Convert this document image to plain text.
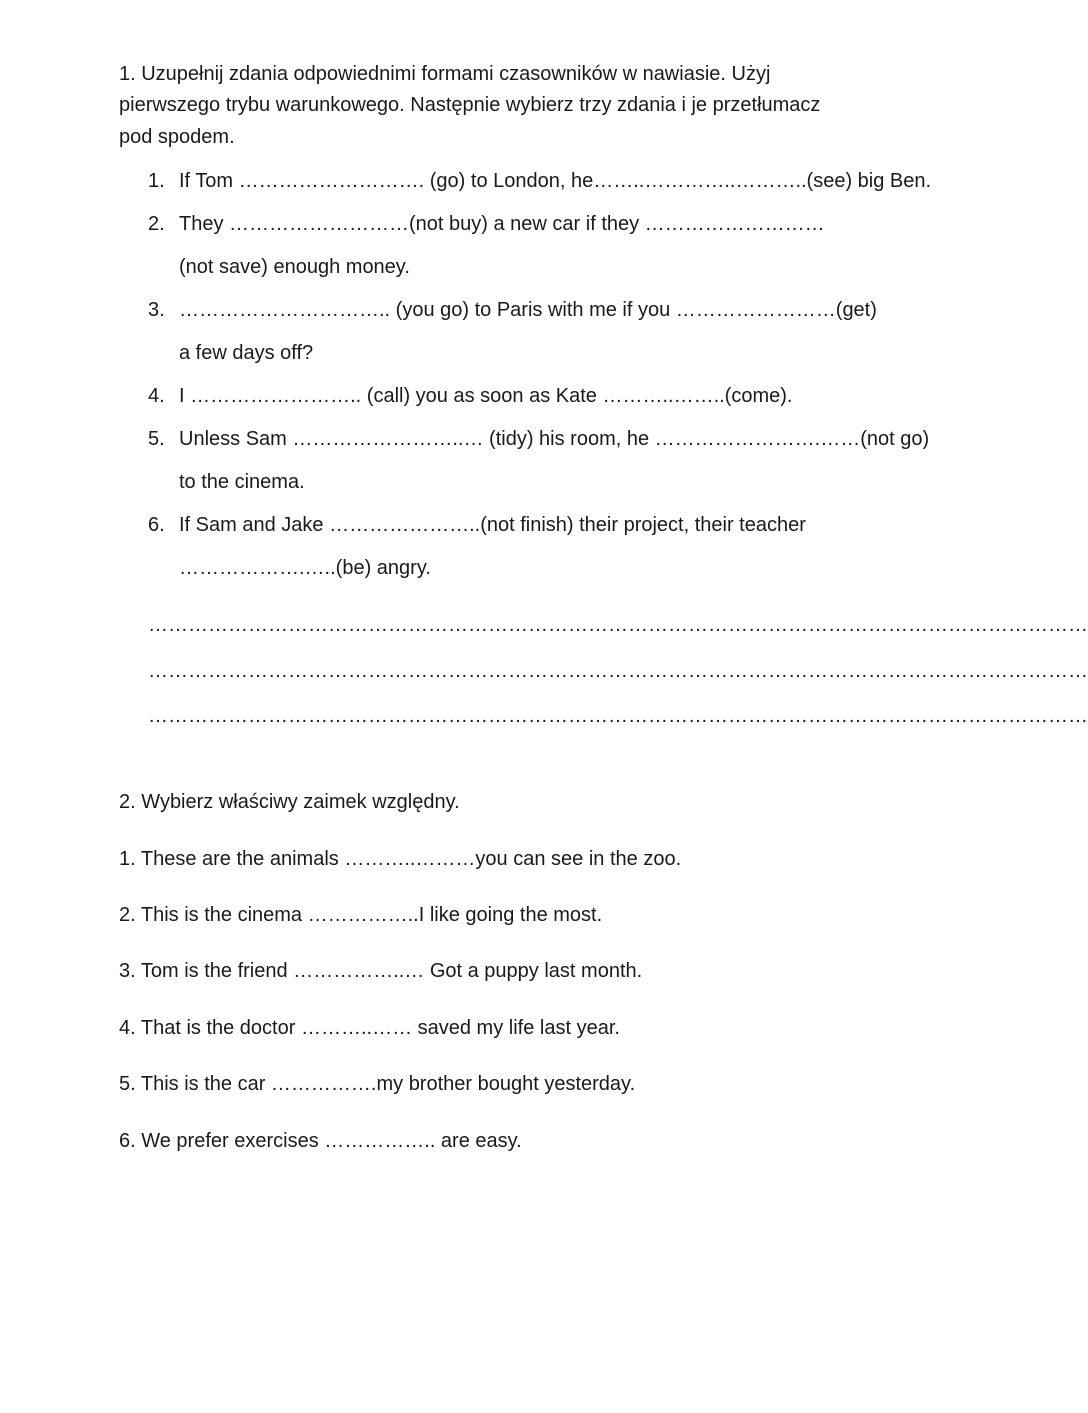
1. Uzupełnij zdania odpowiednimi formami czasowników w nawiasie. Użyj
pierwszego trybu warunkowego. Następnie wybierz trzy zdania i je przetłumacz
pod spodem.
1. If Tom ………………………. (go) to London, he……..…………..………..(see) big Ben.
2. They ………………………(not buy) a new car if they ………………………
(not save) enough money.
3. ………………………….. (you go) to Paris with me if you ……………………(get)
a few days off?
4. I …………………….. (call) you as soon as Kate ………..……..(come).
5. Unless Sam ……………………..… (tidy) his room, he …………………….……(not go)
to the cinema.
6. If Sam and Jake …………………..(not finish) their project, their teacher
……………….…..(be) angry.
……………………………………………………………………………………………………………………………
……………………………………………………………………………………………………………………………
……………………………………………………………………………………………………………………………
2. Wybierz właściwy zaimek względny.
1. These are the animals ………..………you can see in the zoo.
2. This is the cinema ……………..I like going the most.
3. Tom is the friend ……………..… Got a puppy last month.
4. That is the doctor ………..…… saved my life last year.
5. This is the car …………….my brother bought yesterday.
6. We prefer exercises …………….. are easy.
